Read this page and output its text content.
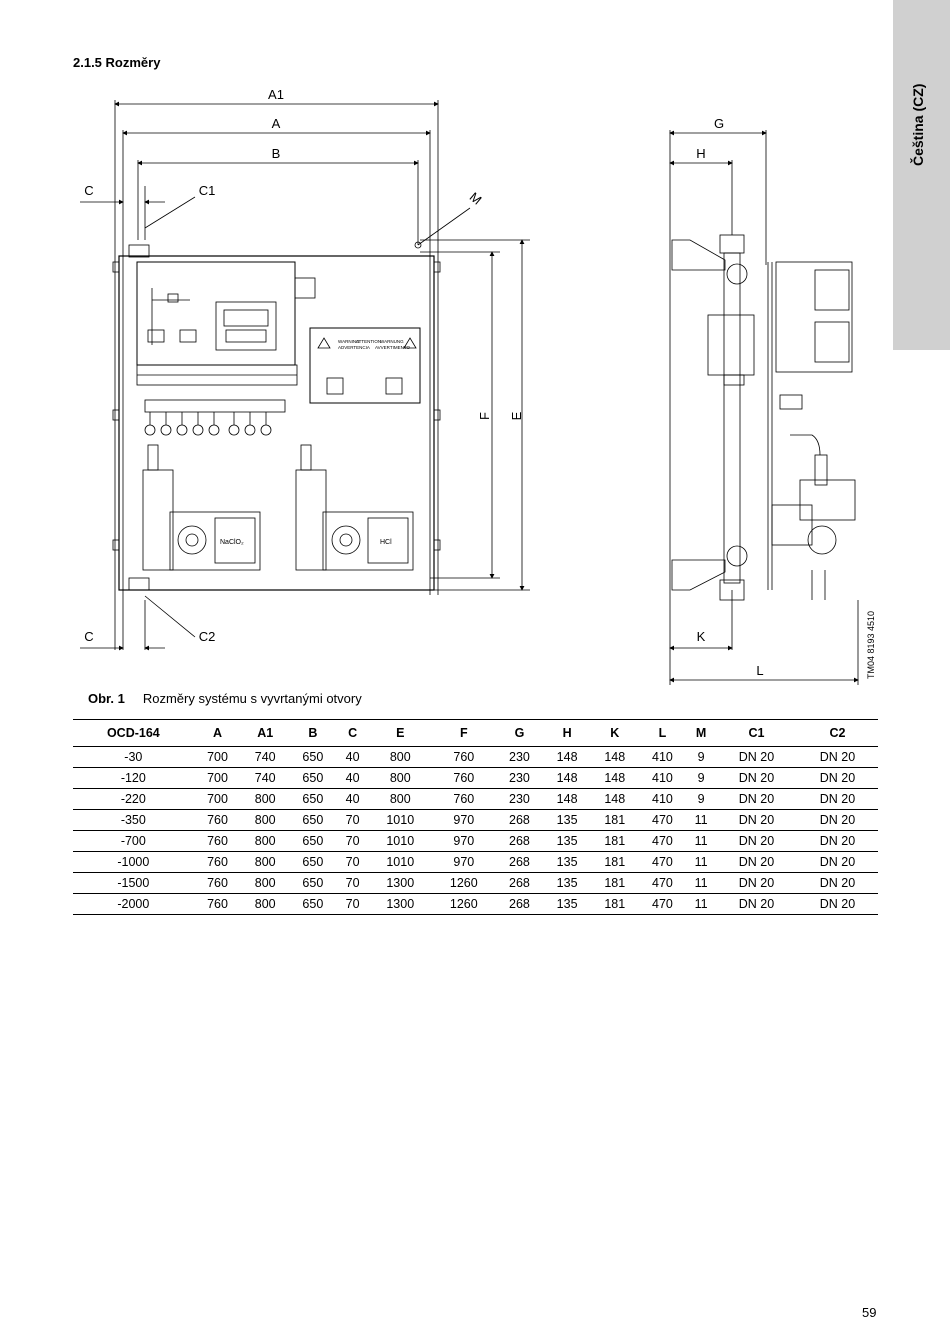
Čeština (CZ)
2.1.5 Rozměry
A1
A
B
C	C1
C	C2
M
F E
WARNING
ADVERTENCIA
ATTENTION
AVVERTIMENTO
WARNUNG
NaClO₂	HCl
G
H
K
L	TM04 8193 4510
Obr. 1 Rozměry systému s vyvrtanými otvory
OCD-164	A	A1	B	C	E	F	G	H	K	L	M	C1	C2
-30	700	740	650	40	800	760	230	148	148	410	9	DN 20	DN 20
-120	700	740	650	40	800	760	230	148	148	410	9	DN 20	DN 20
-220	700	800	650	40	800	760	230	148	148	410	9	DN 20	DN 20
-350	760	800	650	70	1010	970	268	135	181	470	11	DN 20	DN 20
-700	760	800	650	70	1010	970	268	135	181	470	11	DN 20	DN 20
-1000	760	800	650	70	1010	970	268	135	181	470	11	DN 20	DN 20
-1500	760	800	650	70	1300	1260	268	135	181	470	11	DN 20	DN 20
-2000	760	800	650	70	1300	1260	268	135	181	470	11	DN 20	DN 20
59
